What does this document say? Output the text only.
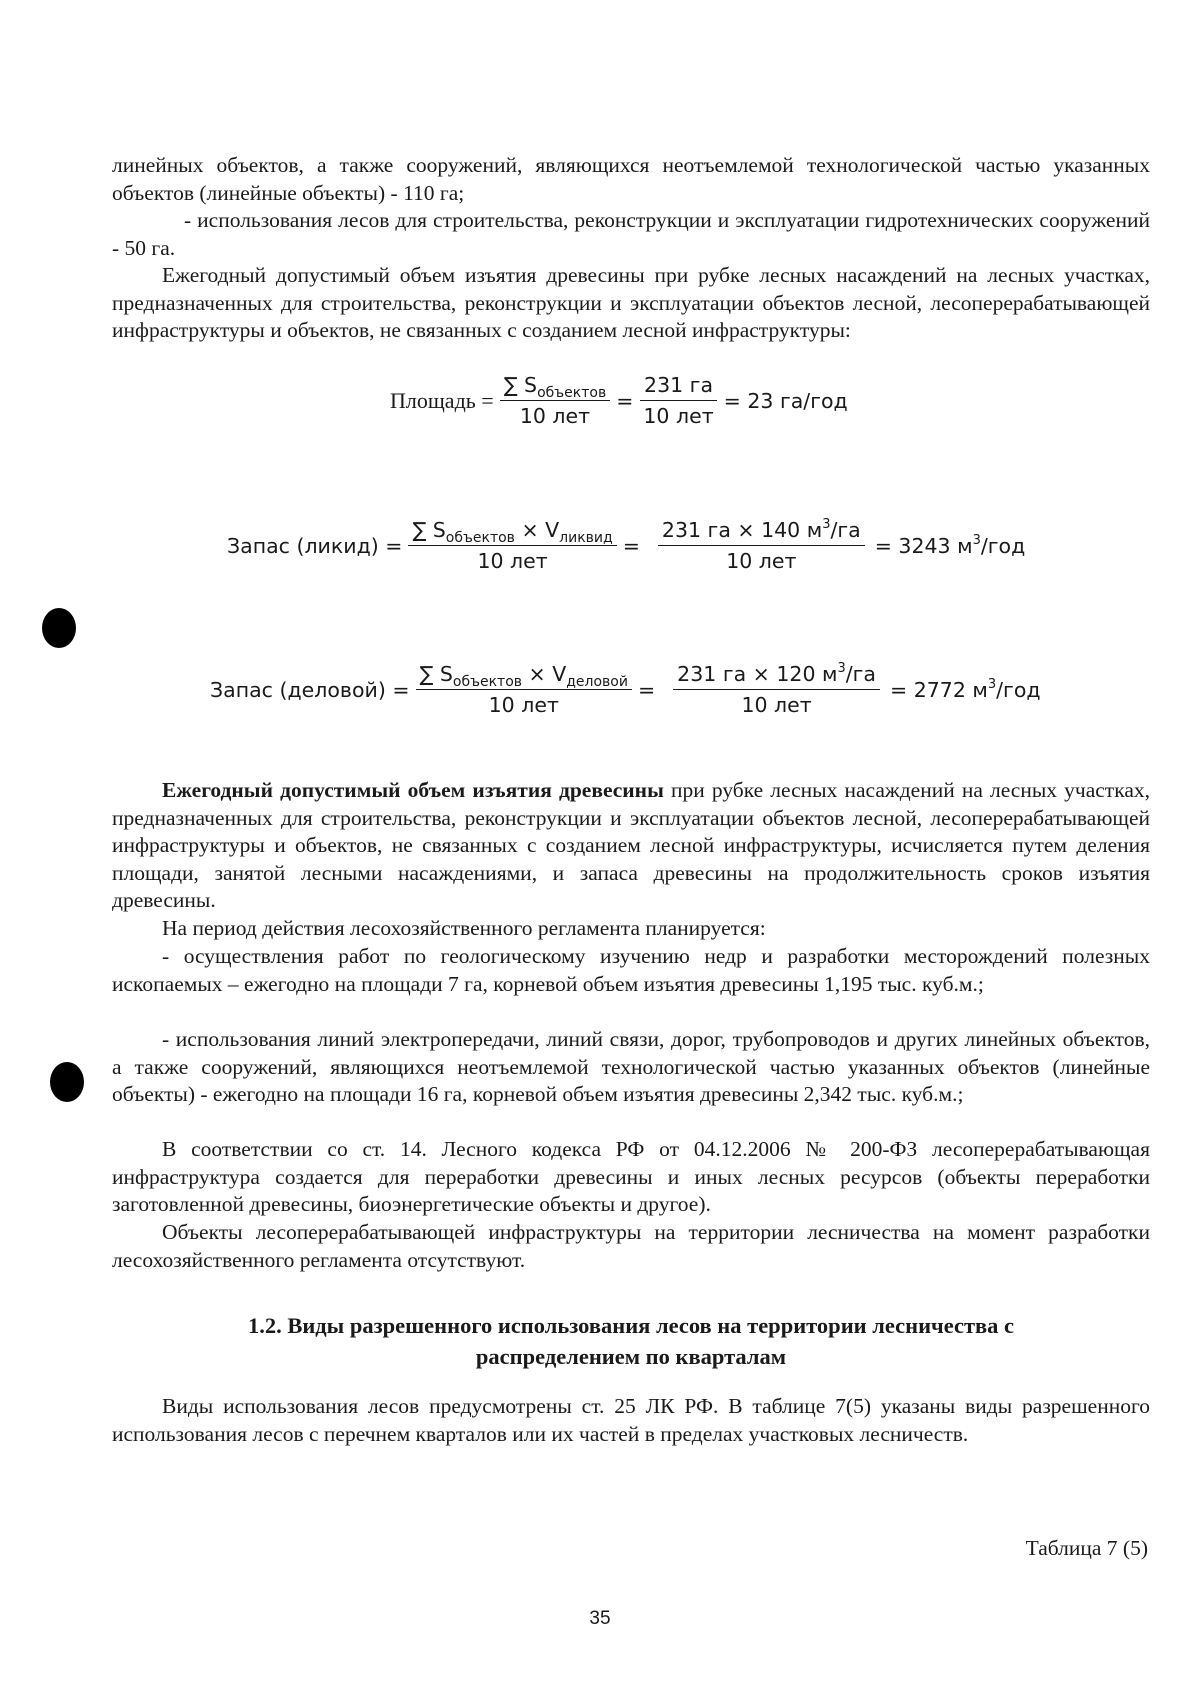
линейных объектов, а также сооружений, являющихся неотъемлемой технологической частью указанных объектов (линейные объекты) - 110 га;
- использования лесов для строительства, реконструкции и эксплуатации гидротехнических сооружений - 50 га.
Ежегодный допустимый объем изъятия древесины при рубке лесных насаждений на лесных участках, предназначенных для строительства, реконструкции и эксплуатации объектов лесной, лесоперерабатывающей инфраструктуры и объектов, не связанных с созданием лесной инфраструктуры:
Площадь = $\frac{\sum S_{объектов}}{\text{10 лет}} = \frac{231 га}{\text{10 лет}} = 23$ га/год
Запас (ликид) = $\frac{\sum S_{объектов} \times V_{ликвид}}{\text{10 лет}} = \frac{231 га \times 140 м^3/га}{\text{10 лет}} = 3243$ $м^3$/год
Запас (деловой) = $\frac{\sum S_{объектов} \times V_{деловой}}{\text{10 лет}} = \frac{231 га \times 120 м^3/га}{\text{10 лет}} = 2772$ $м^3$/год
Ежегодный допустимый объем изъятия древесины при рубке лесных насаждений на лесных участках, предназначенных для строительства, реконструкции и эксплуатации объектов лесной, лесоперерабатывающей инфраструктуры и объектов, не связанных с созданием лесной инфраструктуры, исчисляется путем деления площади, занятой лесными насаждениями, и запаса древесины на продолжительность сроков изъятия древесины.
На период действия лесохозяйственного регламента планируется:
- осуществления работ по геологическому изучению недр и разработки месторождений полезных ископаемых – ежегодно на площади 7 га, корневой объем изъятия древесины 1,195 тыс. куб.м.;
- использования линий электропередачи, линий связи, дорог, трубопроводов и других линейных объектов, а также сооружений, являющихся неотъемлемой технологической частью указанных объектов (линейные объекты) - ежегодно на площади 16 га, корневой объем изъятия древесины 2,342 тыс. куб.м.;
В соответствии со ст. 14. Лесного кодекса РФ от 04.12.2006 № 200-ФЗ лесоперерабатывающая инфраструктура создается для переработки древесины и иных лесных ресурсов (объекты переработки заготовленной древесины, биоэнергетические объекты и другое).
Объекты лесоперерабатывающей инфраструктуры на территории лесничества на момент разработки лесохозяйственного регламента отсутствуют.
1.2. Виды разрешенного использования лесов на территории лесничества с
распределением по кварталам
Виды использования лесов предусмотрены ст. 25 ЛК РФ. В таблице 7(5) указаны виды разрешенного использования лесов с перечнем кварталов или их частей в пределах участковых лесничеств.
Таблица 7 (5)
35
